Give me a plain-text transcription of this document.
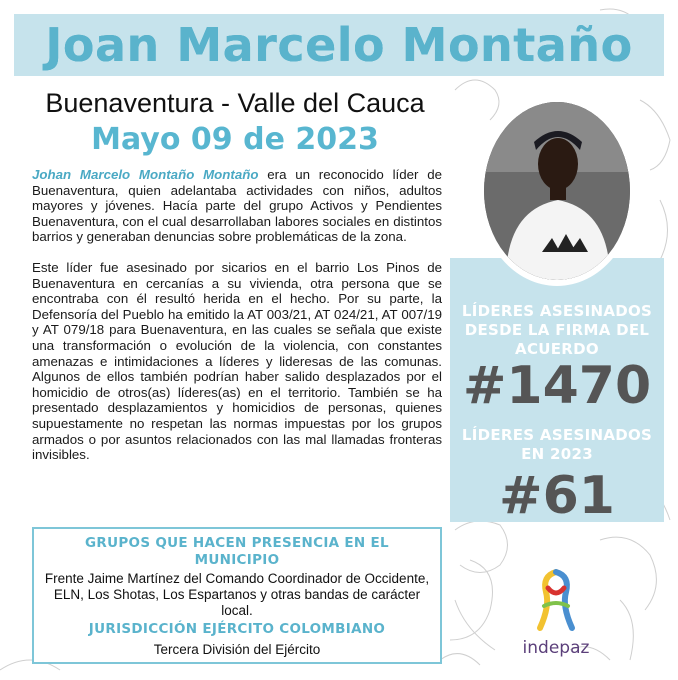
Joan Marcelo Montaño
Buenaventura - Valle del Cauca
Mayo 09 de 2023

Johan Marcelo Montaño Montaño era un reconocido líder de Buenaventura, quien adelantaba actividades con niños, adultos mayores y jóvenes. Hacía parte del grupo Activos y Pendientes Buenaventura, con el cual desarrollaban labores sociales en distintos barrios y generaban denuncias sobre problemáticas de la zona.

Este líder fue asesinado por sicarios en el barrio Los Pinos de Buenaventura en cercanías a su vivienda, otra persona que se encontraba con él resultó herida en el hecho. Por su parte, la Defensoría del Pueblo ha emitido la AT 003/21, AT 024/21, AT 007/19 y AT 079/18 para Buenaventura, en las cuales se señala que existe una transformación o evolución de la violencia, con constantes amenazas e intimidaciones a líderes y lideresas de las comunas. Algunos de ellos también podrían haber salido desplazados por el homicidio de otros(as) líderes(as) en el territorio. También se ha presentado desplazamientos y homicidios de personas, quienes supuestamente no respetan las normas impuestas por los grupos armados o por asuntos relacionados con las mal llamadas fronteras invisibles.

LÍDERES ASESINADOS DESDE LA FIRMA DEL ACUERDO
#1470
LÍDERES ASESINADOS EN 2023
#61
GRUPOS QUE HACEN PRESENCIA EN EL MUNICIPIO
Frente Jaime Martínez del Comando Coordinador de Occidente, ELN, Los Shotas, Los Espartanos y otras bandas de carácter local.
JURISDICCIÓN EJÉRCITO COLOMBIANO
Tercera División del Ejército	indepaz
